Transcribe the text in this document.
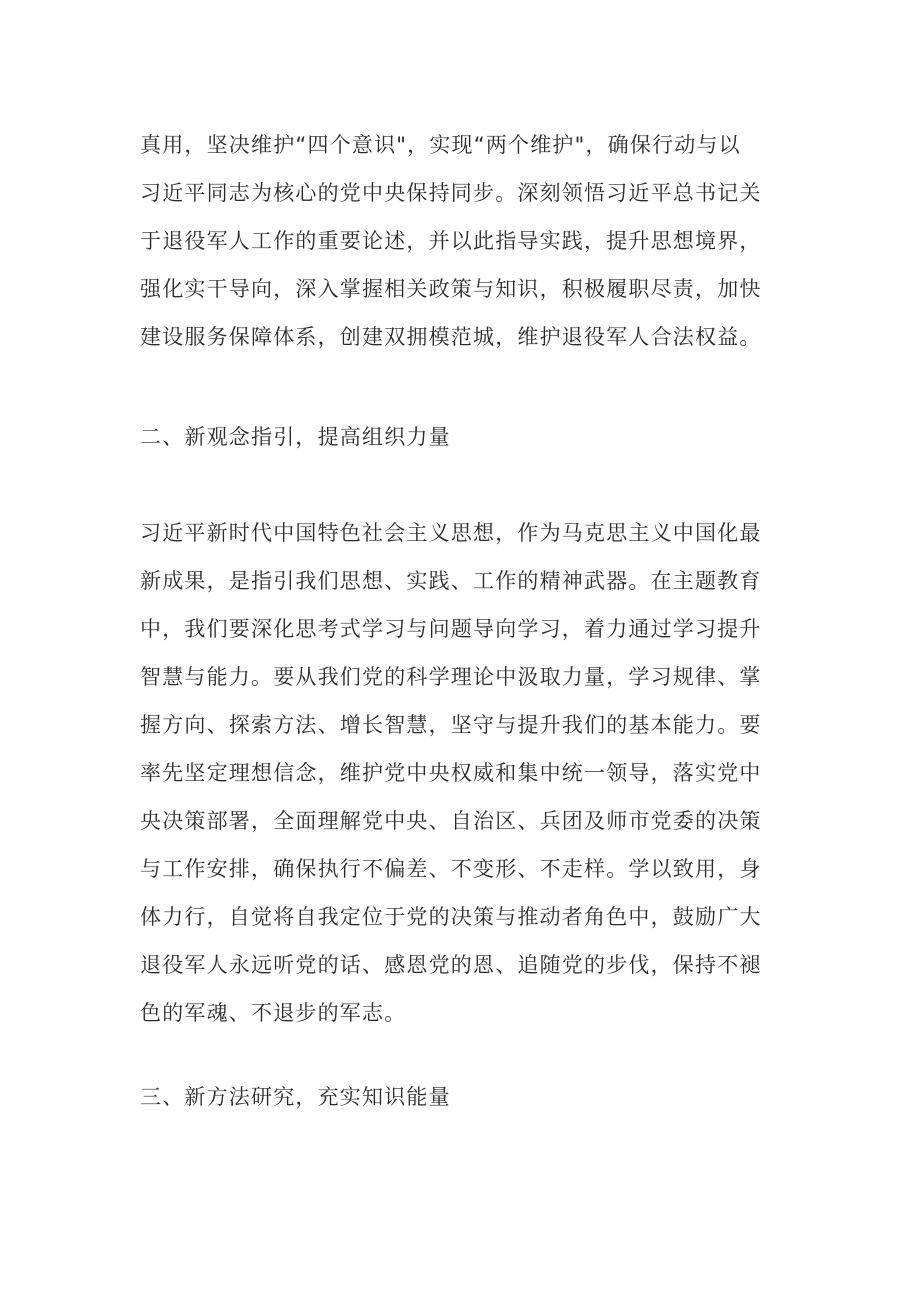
真用，坚决维护“四个意识"，实现“两个维护"，确保行动与以
习近平同志为核心的党中央保持同步。深刻领悟习近平总书记关
于退役军人工作的重要论述，并以此指导实践，提升思想境界，
强化实干导向，深入掌握相关政策与知识，积极履职尽责，加快
建设服务保障体系，创建双拥模范城，维护退役军人合法权益。
二、新观念指引，提高组织力量
习近平新时代中国特色社会主义思想，作为马克思主义中国化最
新成果，是指引我们思想、实践、工作的精神武器。在主题教育
中，我们要深化思考式学习与问题导向学习，着力通过学习提升
智慧与能力。要从我们党的科学理论中汲取力量，学习规律、掌
握方向、探索方法、增长智慧，坚守与提升我们的基本能力。要
率先坚定理想信念，维护党中央权威和集中统一领导，落实党中
央决策部署，全面理解党中央、自治区、兵团及师市党委的决策
与工作安排，确保执行不偏差、不变形、不走样。学以致用，身
体力行，自觉将自我定位于党的决策与推动者角色中，鼓励广大
退役军人永远听党的话、感恩党的恩、追随党的步伐，保持不褪
色的军魂、不退步的军志。
三、新方法研究，充实知识能量
